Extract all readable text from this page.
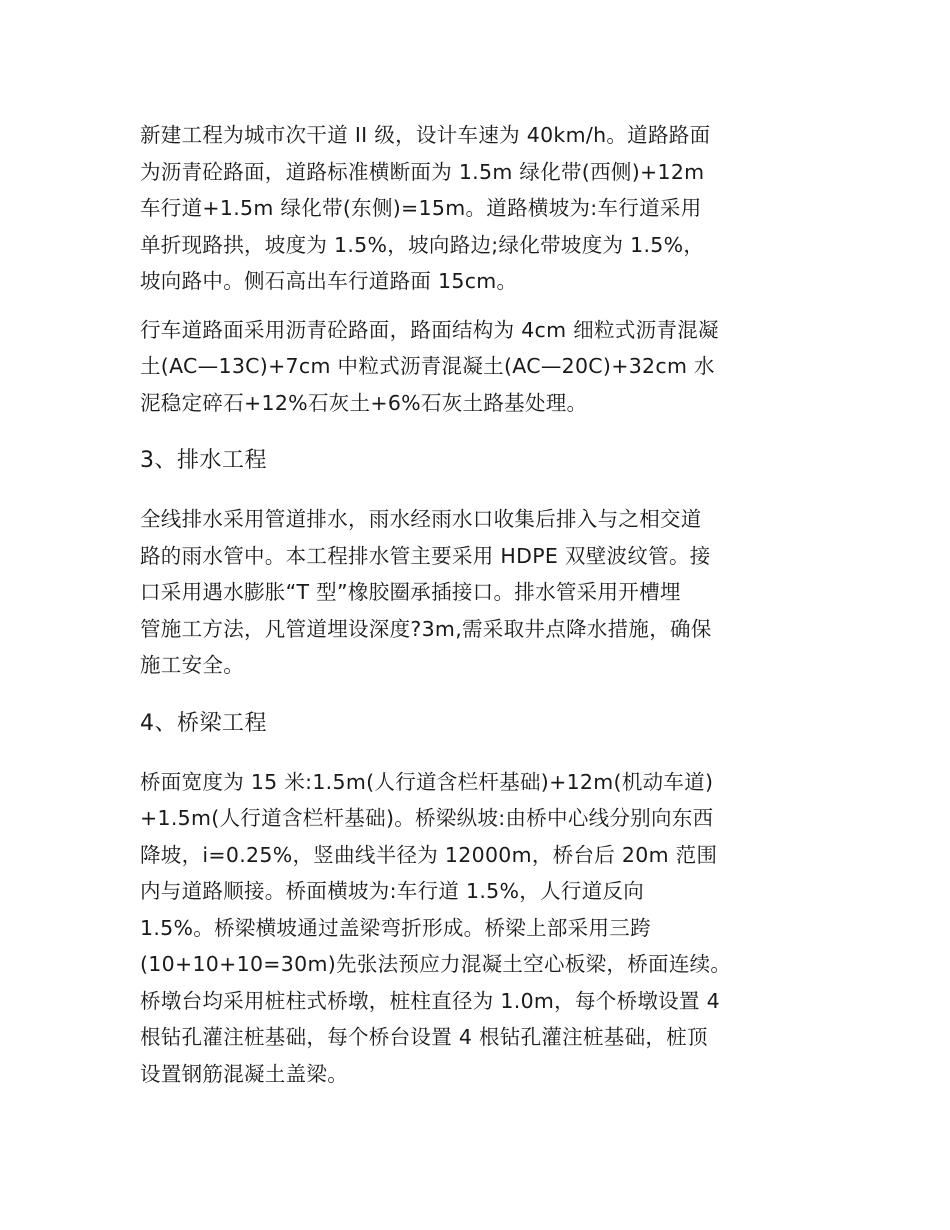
新建工程为城市次干道 II 级，设计车速为 40km/h。道路路面
为沥青砼路面，道路标准横断面为 1.5m 绿化带(西侧)+12m
车行道+1.5m 绿化带(东侧)=15m。道路横坡为:车行道采用
单折现路拱，坡度为 1.5%，坡向路边;绿化带坡度为 1.5%，
坡向路中。侧石高出车行道路面 15cm。

行车道路面采用沥青砼路面，路面结构为 4cm 细粒式沥青混凝
土(AC—13C)+7cm 中粒式沥青混凝土(AC—20C)+32cm 水
泥稳定碎石+12%石灰土+6%石灰土路基处理。

3、排水工程

全线排水采用管道排水，雨水经雨水口收集后排入与之相交道
路的雨水管中。本工程排水管主要采用 HDPE 双壁波纹管。接
口采用遇水膨胀“T 型”橡胶圈承插接口。排水管采用开槽埋
管施工方法，凡管道埋设深度?3m,需采取井点降水措施，确保
施工安全。

4、桥梁工程

桥面宽度为 15 米:1.5m(人行道含栏杆基础)+12m(机动车道)
+1.5m(人行道含栏杆基础)。桥梁纵坡:由桥中心线分别向东西
降坡，i=0.25%，竖曲线半径为 12000m，桥台后 20m 范围
内与道路顺接。桥面横坡为:车行道 1.5%，人行道反向
1.5%。桥梁横坡通过盖梁弯折形成。桥梁上部采用三跨
(10+10+10=30m)先张法预应力混凝土空心板梁，桥面连续。
桥墩台均采用桩柱式桥墩，桩柱直径为 1.0m，每个桥墩设置 4
根钻孔灌注桩基础，每个桥台设置 4 根钻孔灌注桩基础，桩顶
设置钢筋混凝土盖梁。
